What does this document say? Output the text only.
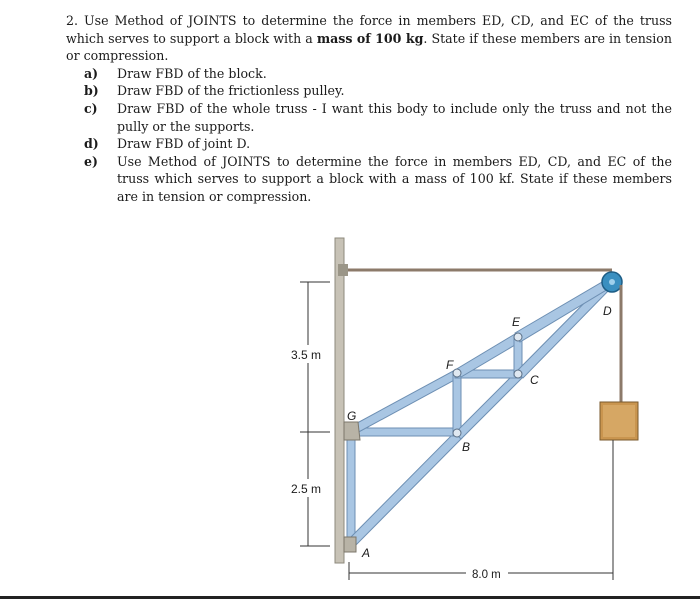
2. Use Method of JOINTS to determine the force in members ED, CD, and EC of the truss which serves to support a block with a mass of 100 kg. State if these members are in tension or compression.
a) Draw FBD of the block.
b) Draw FBD of the frictionless pulley.
c) Draw FBD of the whole truss - I want this body to include only the truss and not the pully or the supports.
d) Draw FBD of joint D.
e) Use Method of JOINTS to determine the force in members ED, CD, and EC of the truss which serves to support a block with a mass of 100 kf. State if these members are in tension or compression.
3.5 m
2.5 m
8.0 m
A
B
C
D
E
F
G
